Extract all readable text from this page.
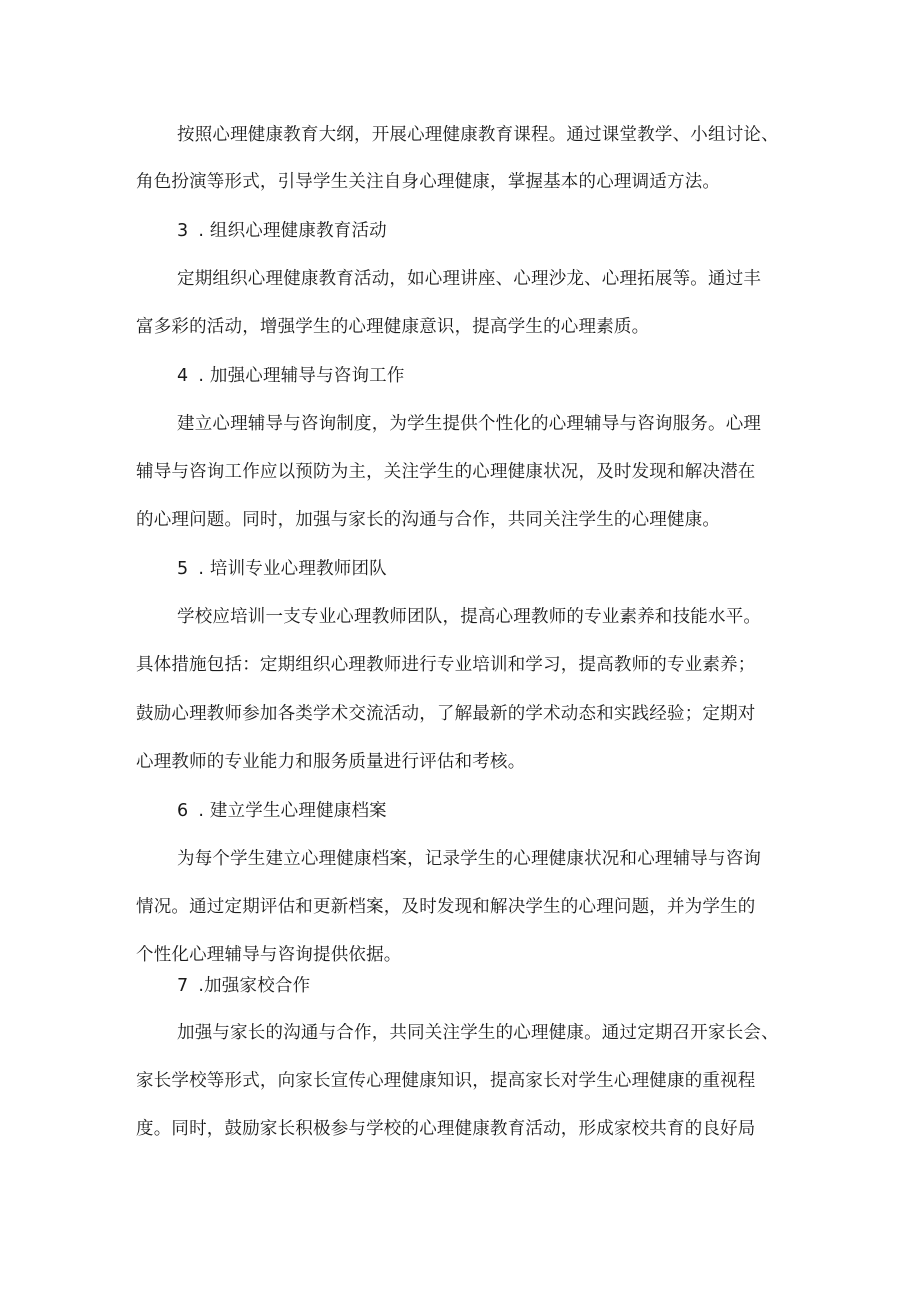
按照心理健康教育大纲，开展心理健康教育课程。通过课堂教学、小组讨论、
角色扮演等形式，引导学生关注自身心理健康，掌握基本的心理调适方法。
3 . 组织心理健康教育活动
定期组织心理健康教育活动，如心理讲座、心理沙龙、心理拓展等。通过丰
富多彩的活动，增强学生的心理健康意识，提高学生的心理素质。
4 . 加强心理辅导与咨询工作
建立心理辅导与咨询制度，为学生提供个性化的心理辅导与咨询服务。心理
辅导与咨询工作应以预防为主，关注学生的心理健康状况，及时发现和解决潜在
的心理问题。同时，加强与家长的沟通与合作，共同关注学生的心理健康。
5 . 培训专业心理教师团队
学校应培训一支专业心理教师团队，提高心理教师的专业素养和技能水平。
具体措施包括：定期组织心理教师进行专业培训和学习，提高教师的专业素养；
鼓励心理教师参加各类学术交流活动，了解最新的学术动态和实践经验；定期对
心理教师的专业能力和服务质量进行评估和考核。
6 . 建立学生心理健康档案
为每个学生建立心理健康档案，记录学生的心理健康状况和心理辅导与咨询
情况。通过定期评估和更新档案，及时发现和解决学生的心理问题，并为学生的
个性化心理辅导与咨询提供依据。
7 .加强家校合作
加强与家长的沟通与合作，共同关注学生的心理健康。通过定期召开家长会、
家长学校等形式，向家长宣传心理健康知识，提高家长对学生心理健康的重视程
度。同时，鼓励家长积极参与学校的心理健康教育活动，形成家校共育的良好局
